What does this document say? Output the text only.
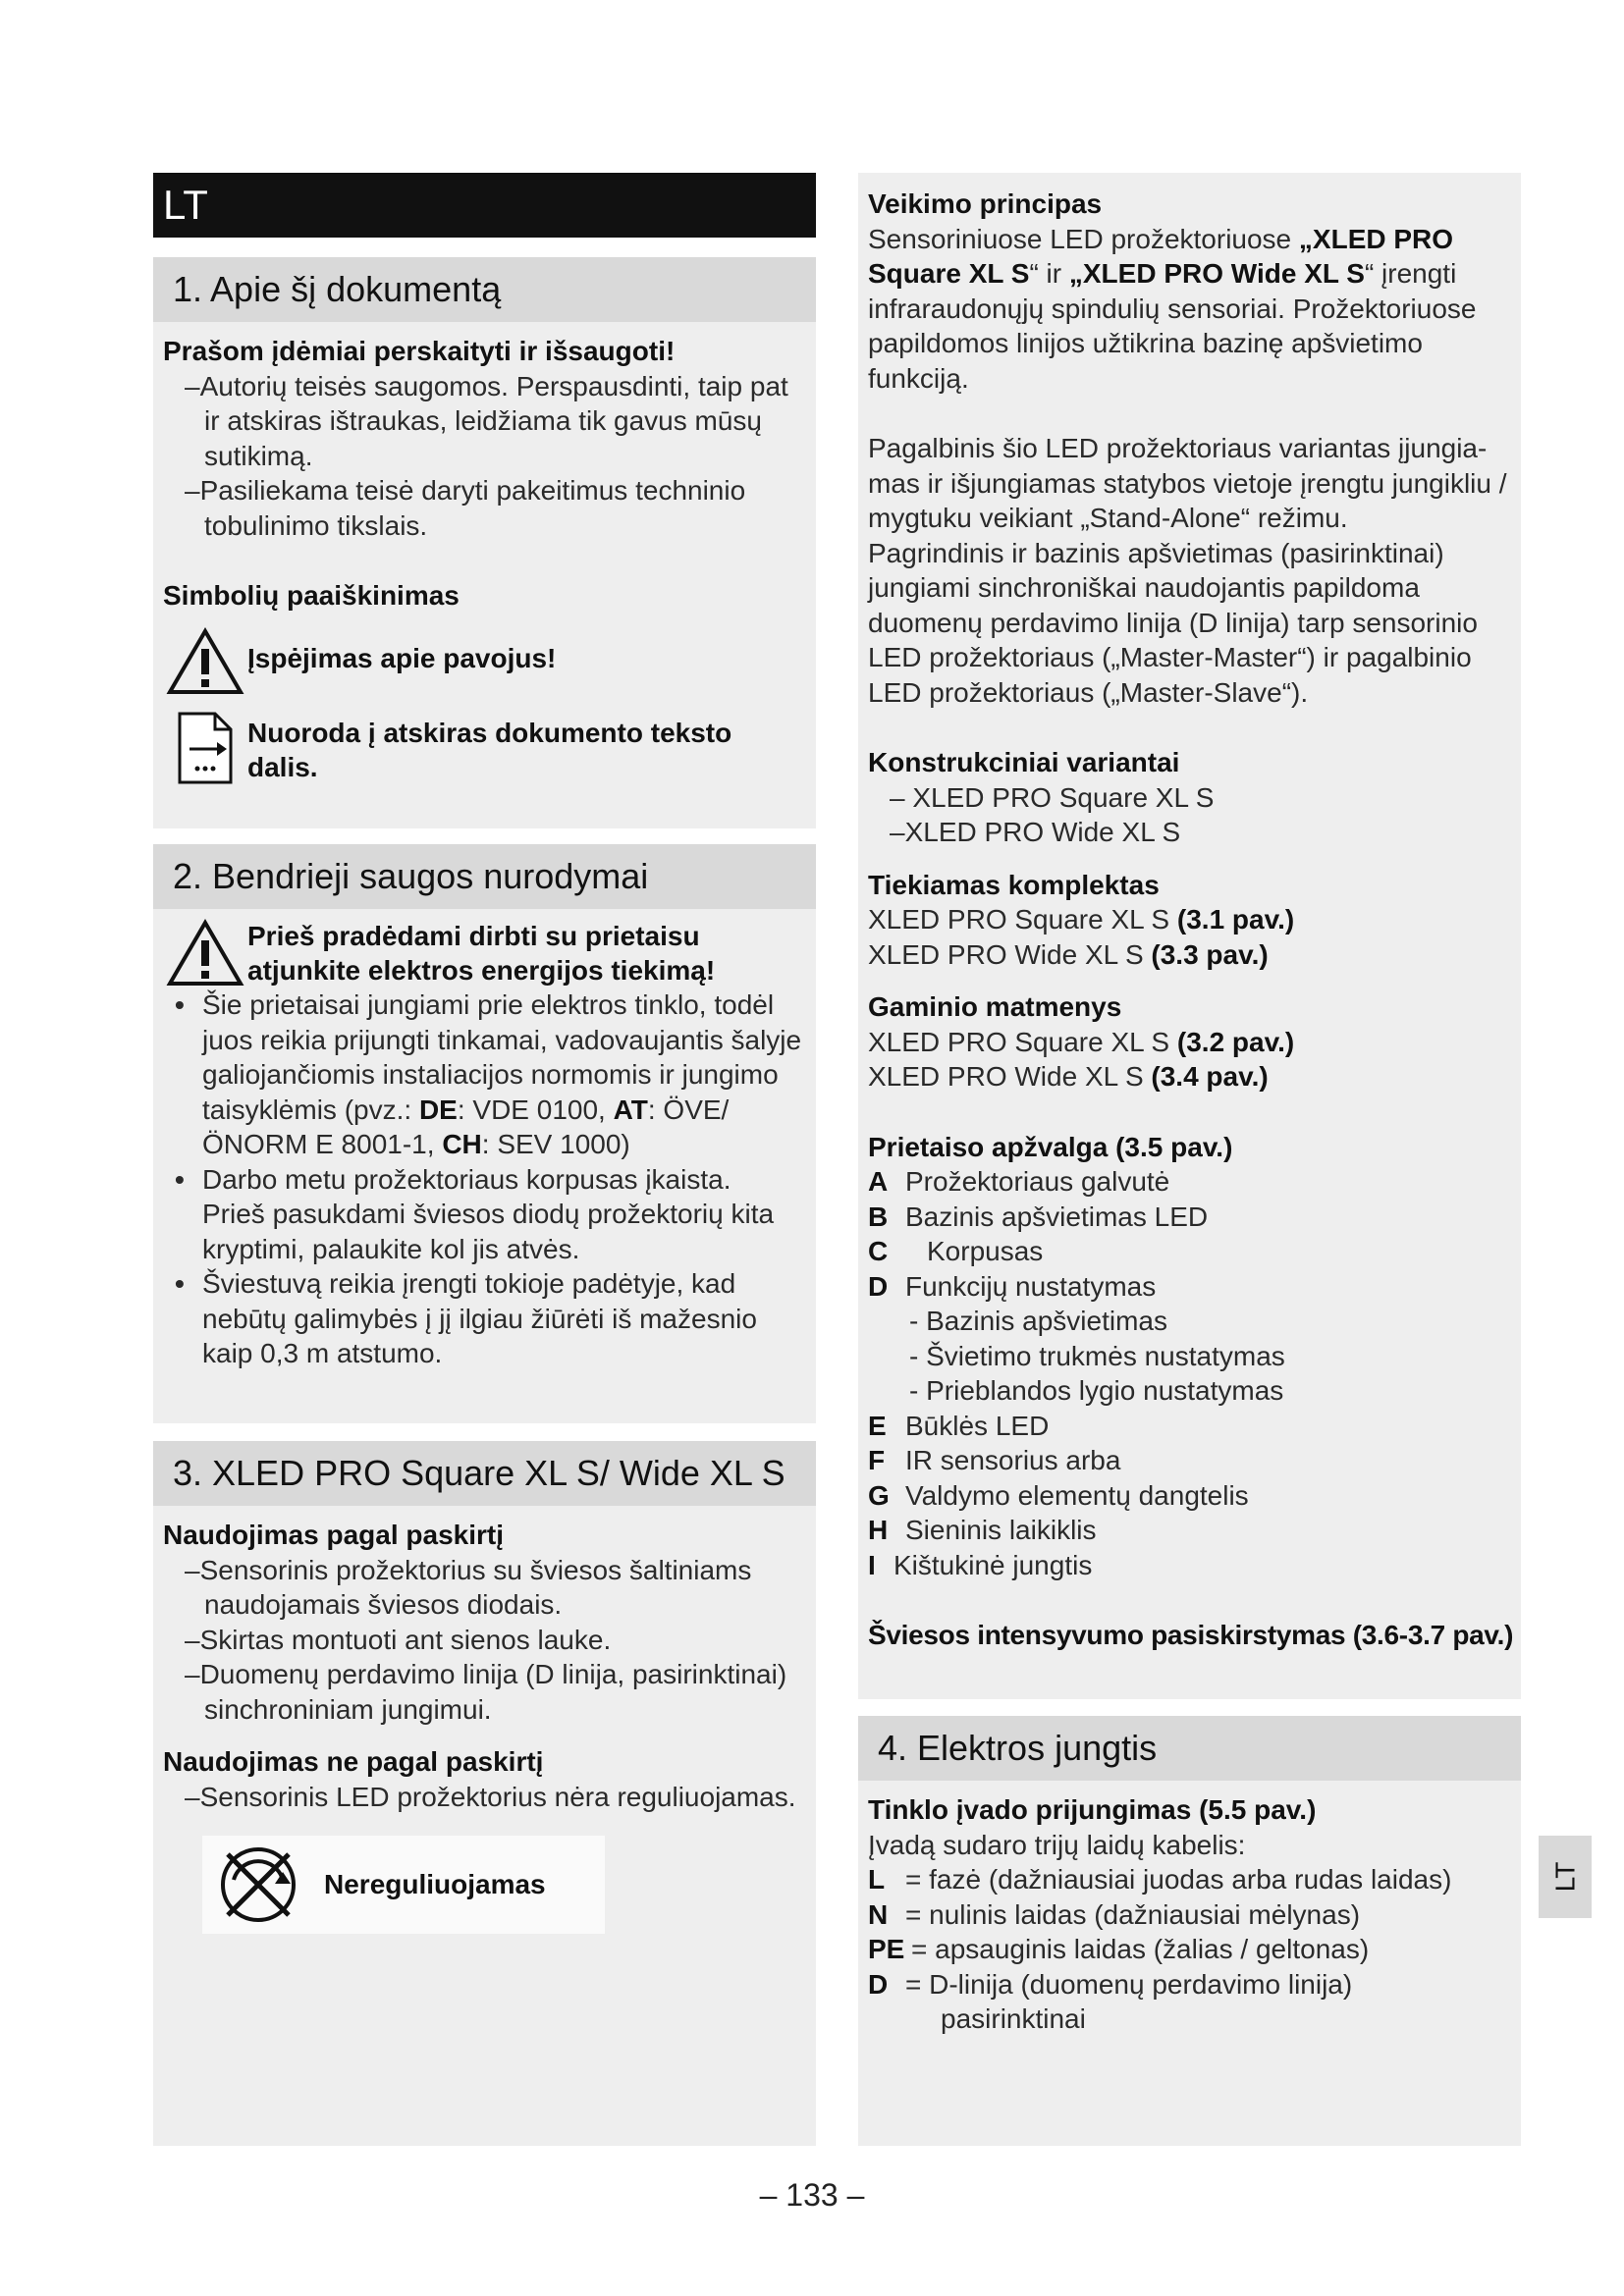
LT
1. Apie šį dokumentą
Prašom įdėmiai perskaityti ir išsaugoti!
–Autorių teisės saugomos. Perspausdinti, taip pat
ir atskiras ištraukas, leidžiama tik gavus mūsų
sutikimą.
–Pasiliekama teisė daryti pakeitimus techninio
tobulinimo tikslais.
Simbolių paaiškinimas
Įspėjimas apie pavojus!
Nuoroda į atskiras dokumento teksto
dalis.
2. Bendrieji saugos nurodymai
Prieš pradėdami dirbti su prietaisu
atjunkite elektros energijos tiekimą!
• Šie prietaisai jungiami prie elektros tinklo, todėl
juos reikia prijungti tinkamai, vadovaujantis šalyje
galiojančiomis instaliacijos normomis ir jungimo
taisyklėmis (pvz.: DE: VDE 0100, AT: ÖVE/
ÖNORM E 8001-1, CH: SEV 1000)
• Darbo metu prožektoriaus korpusas įkaista.
Prieš pasukdami šviesos diodų prožektorių kita
kryptimi, palaukite kol jis atvės.
• Šviestuvą reikia įrengti tokioje padėtyje, kad
nebūtų galimybės į jį ilgiau žiūrėti iš mažesnio
kaip 0,3 m atstumo.
3. XLED PRO Square XL S/ Wide XL S
Naudojimas pagal paskirtį
–Sensorinis prožektorius su šviesos šaltiniams
naudojamais šviesos diodais.
–Skirtas montuoti ant sienos lauke.
–Duomenų perdavimo linija (D linija, pasirinktinai)
sinchroniniam jungimui.
Naudojimas ne pagal paskirtį
–Sensorinis LED prožektorius nėra reguliuojamas.
Nereguliuojamas
Veikimo principas
Sensoriniuose LED prožektoriuose „XLED PRO
Square XL S“ ir „XLED PRO Wide XL S“ įrengti
infraraudonųjų spindulių sensoriai. Prožektoriuose
papildomos linijos užtikrina bazinę apšvietimo
funkciją.
Pagalbinis šio LED prožektoriaus variantas įjungia-
mas ir išjungiamas statybos vietoje įrengtu jungikliu /
mygtuku veikiant „Stand-Alone“ režimu.
Pagrindinis ir bazinis apšvietimas (pasirinktinai)
jungiami sinchroniškai naudojantis papildoma
duomenų perdavimo linija (D linija) tarp sensorinio
LED prožektoriaus („Master-Master“) ir pagalbinio
LED prožektoriaus („Master-Slave“).
Konstrukciniai variantai
– XLED PRO Square XL S
–XLED PRO Wide XL S
Tiekiamas komplektas
XLED PRO Square XL S (3.1 pav.)
XLED PRO Wide XL S (3.3 pav.)
Gaminio matmenys
XLED PRO Square XL S (3.2 pav.)
XLED PRO Wide XL S (3.4 pav.)
Prietaiso apžvalga (3.5 pav.)
A Prožektoriaus galvutė
B Bazinis apšvietimas LED
C	Korpusas
D Funkcijų nustatymas
- Bazinis apšvietimas
- Švietimo trukmės nustatymas
- Prieblandos lygio nustatymas
E Būklės LED
F IR sensorius arba
G Valdymo elementų dangtelis
H Sieninis laikiklis
I Kištukinė jungtis
Šviesos intensyvumo pasiskirstymas (3.6-3.7 pav.)
4. Elektros jungtis
Tinklo įvado prijungimas (5.5 pav.)
Įvadą sudaro trijų laidų kabelis:
L = fazė (dažniausiai juodas arba rudas laidas)
N = nulinis laidas (dažniausiai mėlynas)
PE = apsauginis laidas (žalias / geltonas)
D = D-linija (duomenų perdavimo linija)
pasirinktinai
LT
– 133 –
